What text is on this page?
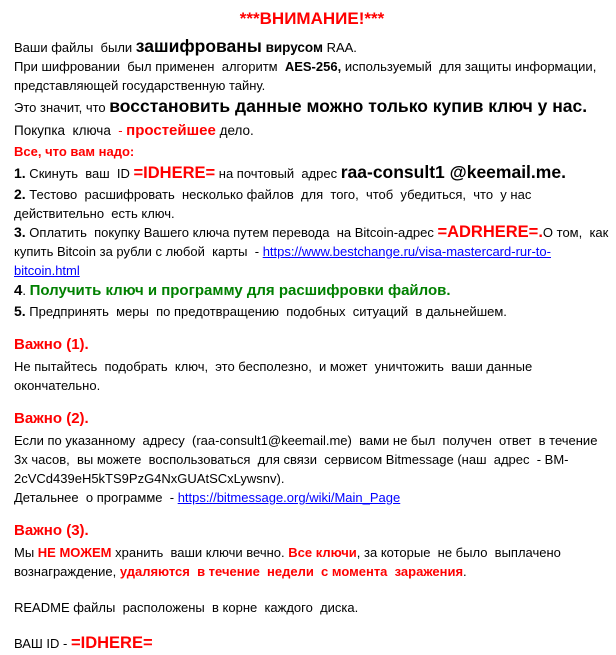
***ВНИМАНИЕ!***

Ваши файлы  были зашифрованы вирусом RAA.

При шифровании  был применен  алгоритм  AES-256, используемый  для защиты информации,  представляющей государственную тайну.

Это значит, что восстановить данные можно только купив ключ у нас.

Покупка  ключа  - простейшее дело.

Все, что вам надо:

1. Скинуть  ваш  ID =IDHERE= на почтовый  адрес raa-consult1 @keemail.me.

2. Тестово  расшифровать  несколько файлов  для  того,  чтоб  убедиться,  что  у нас действительно  есть ключ.

3. Оплатить  покупку Вашего ключа путем перевода  на Bitcoin-адрес =ADRHERE=.О том,  как купить Bitcoin за рубли с любой  карты  - https://www.bestchange.ru/visa-mastercard-rur-to-bitcoin.html

4. Получить ключ и программу для расшифровки файлов.

5. Предпринять  меры  по предотвращению  подобных  ситуаций  в дальнейшем.

Важно (1).

Не пытайтесь  подобрать  ключ,  это бесполезно,  и может  уничтожить  ваши данные окончательно.

Важно (2).

Если по указанному  адресу  (raa-consult1@keemail.me)  вами не был  получен  ответ  в течение  3х часов,  вы можете  воспользоваться  для связи  сервисом Bitmessage (наш  адрес  - BM-2cVCd439eH5kTS9PzG4NxGUAtSCxLywsnv).

Детальнее  о программе  - https://bitmessage.org/wiki/Main_Page

Важно (3).

Мы НЕ МОЖЕМ хранить  ваши ключи вечно. Все ключи, за которые  не было  выплачено вознаграждение, удаляются  в течение  недели  с момента  заражения.

README файлы  расположены  в корне  каждого  диска.

ВАШ ID - =IDHERE=
